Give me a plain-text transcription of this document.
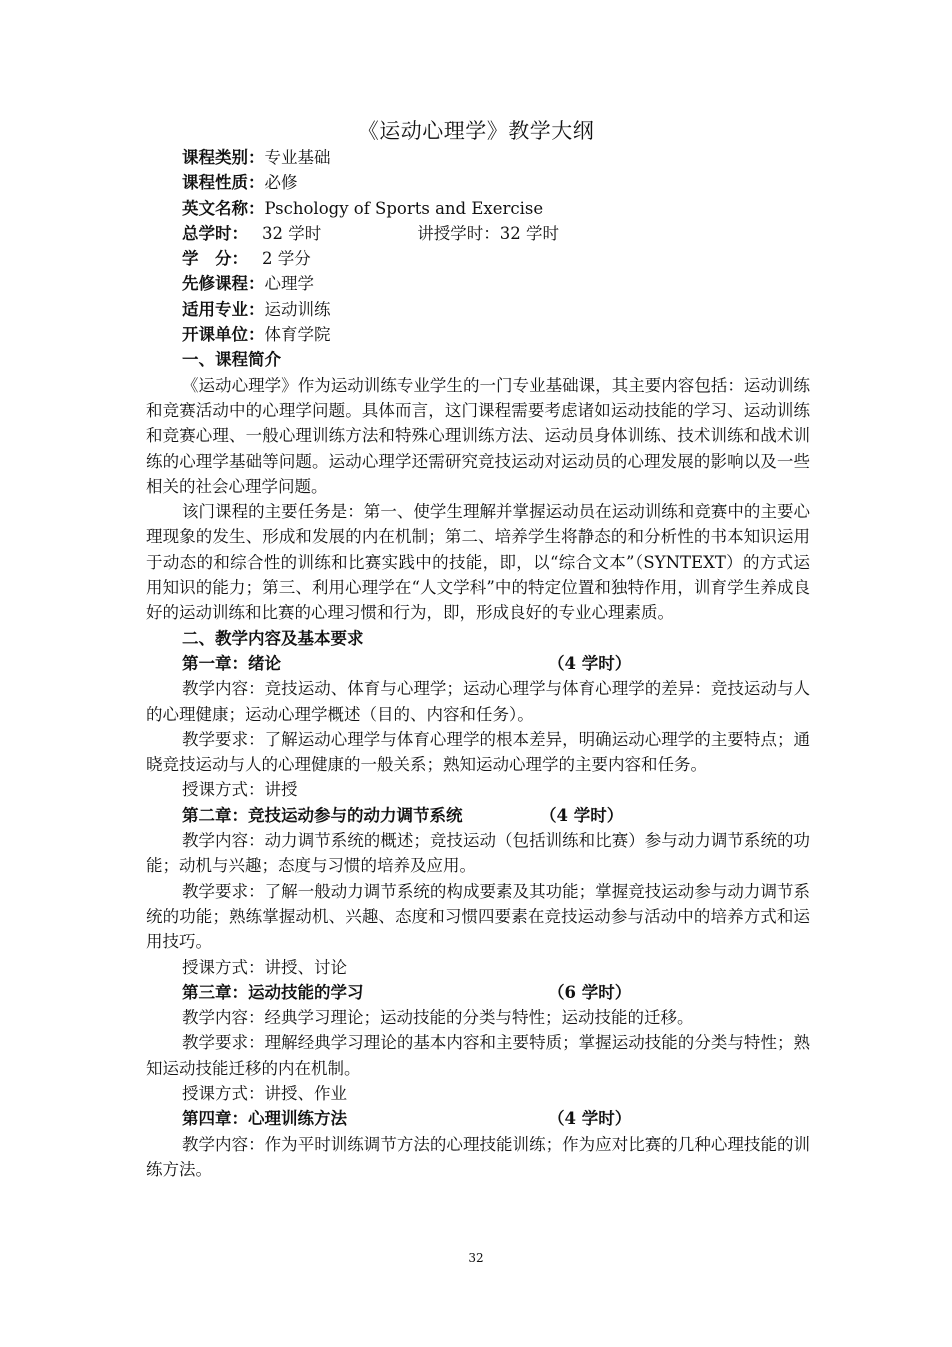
《运动心理学》教学大纲
课程类别：专业基础
课程性质：必修
英文名称：Pschology of Sports and Exercise
总学时： 32 学时	讲授学时：32 学时
学　分： 2 学分
先修课程：心理学
适用专业：运动训练
开课单位：体育学院
一、课程简介
《运动心理学》作为运动训练专业学生的一门专业基础课，其主要内容包括：运动训练和竞赛活动中的心理学问题。具体而言，这门课程需要考虑诸如运动技能的学习、运动训练和竞赛心理、一般心理训练方法和特殊心理训练方法、运动员身体训练、技术训练和战术训练的心理学基础等问题。运动心理学还需研究竞技运动对运动员的心理发展的影响以及一些相关的社会心理学问题。
该门课程的主要任务是：第一、使学生理解并掌握运动员在运动训练和竞赛中的主要心理现象的发生、形成和发展的内在机制；第二、培养学生将静态的和分析性的书本知识运用于动态的和综合性的训练和比赛实践中的技能，即，以“综合文本”（SYNTEXT）的方式运用知识的能力；第三、利用心理学在“人文学科”中的特定位置和独特作用，训育学生养成良好的运动训练和比赛的心理习惯和行为，即，形成良好的专业心理素质。
二、教学内容及基本要求
第一章：绪论	（4 学时）
教学内容：竞技运动、体育与心理学；运动心理学与体育心理学的差异：竞技运动与人的心理健康；运动心理学概述（目的、内容和任务）。
教学要求：了解运动心理学与体育心理学的根本差异，明确运动心理学的主要特点；通晓竞技运动与人的心理健康的一般关系；熟知运动心理学的主要内容和任务。
授课方式：讲授
第二章：竞技运动参与的动力调节系统	（4 学时）
教学内容：动力调节系统的概述；竞技运动（包括训练和比赛）参与动力调节系统的功能；动机与兴趣；态度与习惯的培养及应用。
教学要求：了解一般动力调节系统的构成要素及其功能；掌握竞技运动参与动力调节系统的功能；熟练掌握动机、兴趣、态度和习惯四要素在竞技运动参与活动中的培养方式和运用技巧。
授课方式：讲授、讨论
第三章：运动技能的学习	（6 学时）
教学内容：经典学习理论；运动技能的分类与特性；运动技能的迁移。
教学要求：理解经典学习理论的基本内容和主要特质；掌握运动技能的分类与特性；熟知运动技能迁移的内在机制。
授课方式：讲授、作业
第四章：心理训练方法	（4 学时）
教学内容：作为平时训练调节方法的心理技能训练；作为应对比赛的几种心理技能的训练方法。
32
